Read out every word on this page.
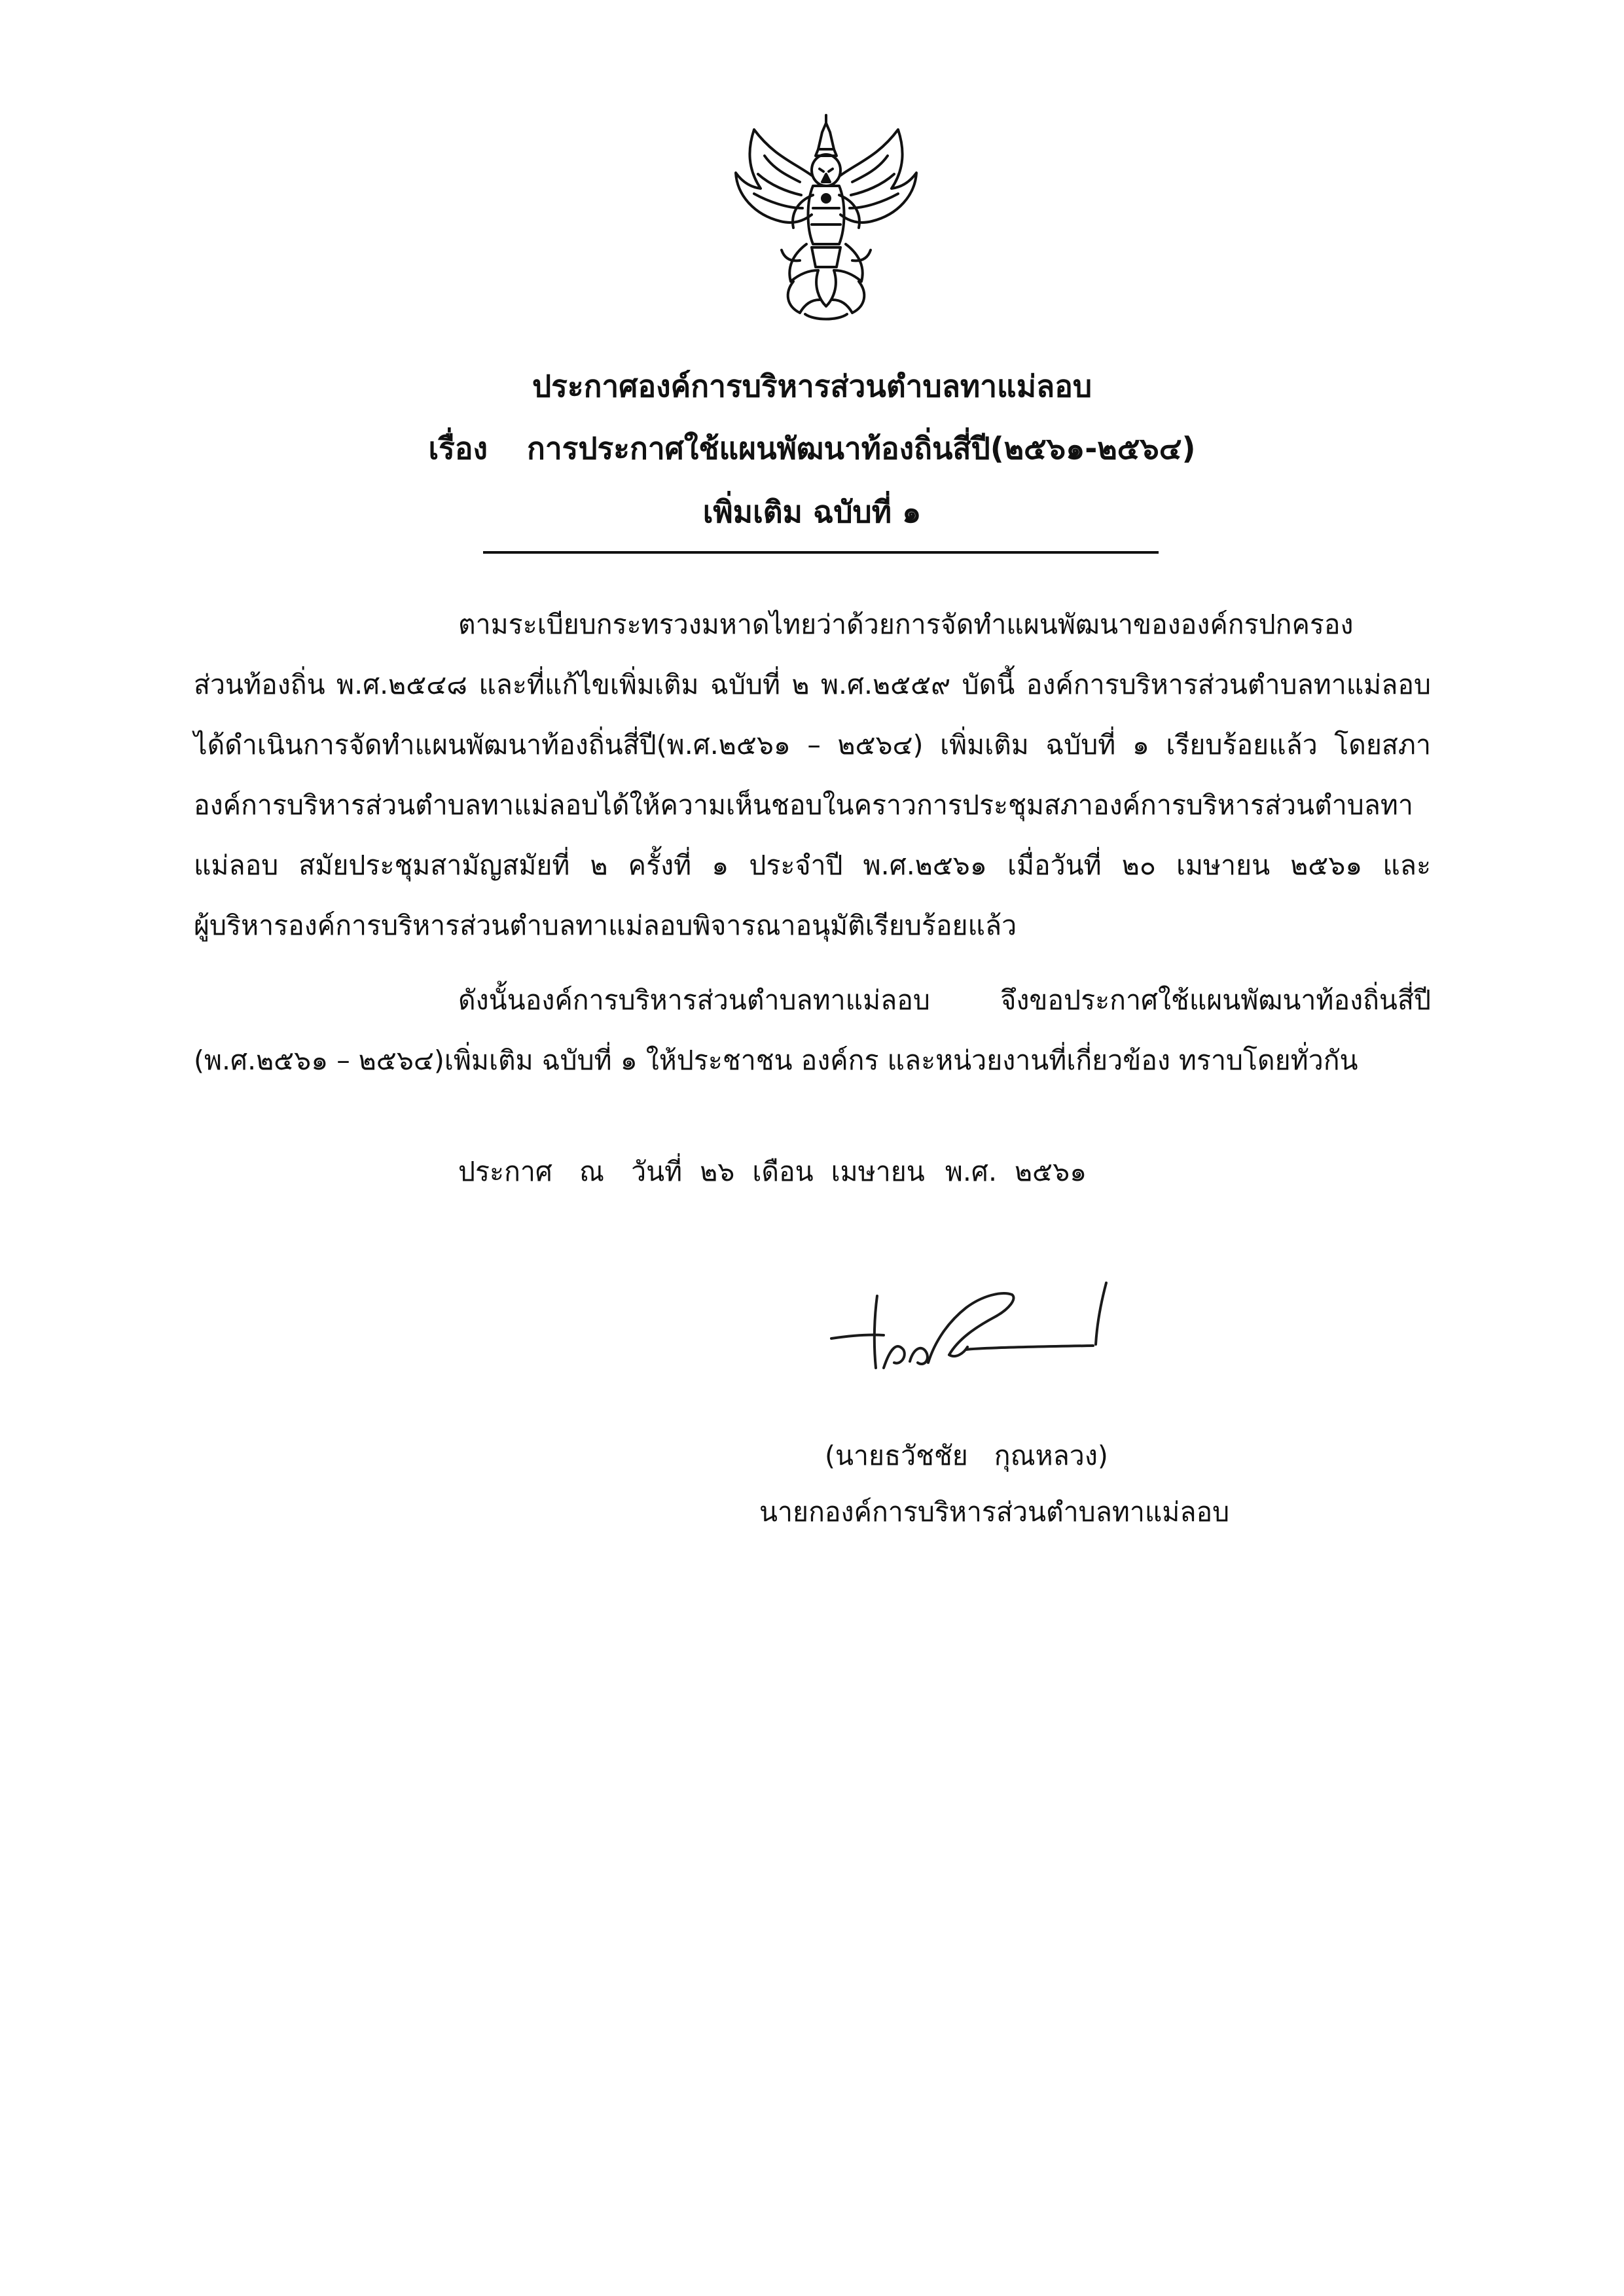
ประกาศองค์การบริหารส่วนตำบลทาแม่ลอบ
เรื่อง การประกาศใช้แผนพัฒนาท้องถิ่นสี่ปี(๒๕๖๑-๒๕๖๔)
เพิ่มเติม ฉบับที่ ๑
ตามระเบียบกระทรวงมหาดไทยว่าด้วยการจัดทำแผนพัฒนาขององค์กรปกครอง
ส่วนท้องถิ่น พ.ศ.๒๕๔๘ และที่แก้ไขเพิ่มเติม ฉบับที่ ๒ พ.ศ.๒๕๕๙ บัดนี้ องค์การบริหารส่วนตำบลทาแม่ลอบ
ได้ดำเนินการจัดทำแผนพัฒนาท้องถิ่นสี่ปี(พ.ศ.๒๕๖๑ – ๒๕๖๔) เพิ่มเติม ฉบับที่ ๑ เรียบร้อยแล้ว โดยสภา
องค์การบริหารส่วนตำบลทาแม่ลอบได้ให้ความเห็นชอบในคราวการประชุมสภาองค์การบริหารส่วนตำบลทา
แม่ลอบ สมัยประชุมสามัญสมัยที่ ๒ ครั้งที่ ๑ ประจำปี พ.ศ.๒๕๖๑ เมื่อวันที่ ๒๐ เมษายน ๒๕๖๑ และ
ผู้บริหารองค์การบริหารส่วนตำบลทาแม่ลอบพิจารณาอนุมัติเรียบร้อยแล้ว
ดังนั้นองค์การบริหารส่วนตำบลทาแม่ลอบ จึงขอประกาศใช้แผนพัฒนาท้องถิ่นสี่ปี
(พ.ศ.๒๕๖๑ – ๒๕๖๔)เพิ่มเติม ฉบับที่ ๑ ให้ประชาชน องค์กร และหน่วยงานที่เกี่ยวข้อง ทราบโดยทั่วกัน
ประกาศ ณ วันที่ ๒๖ เดือน เมษายน พ.ศ. ๒๕๖๑
(นายธวัชชัย กุณหลวง)
นายกองค์การบริหารส่วนตำบลทาแม่ลอบ
